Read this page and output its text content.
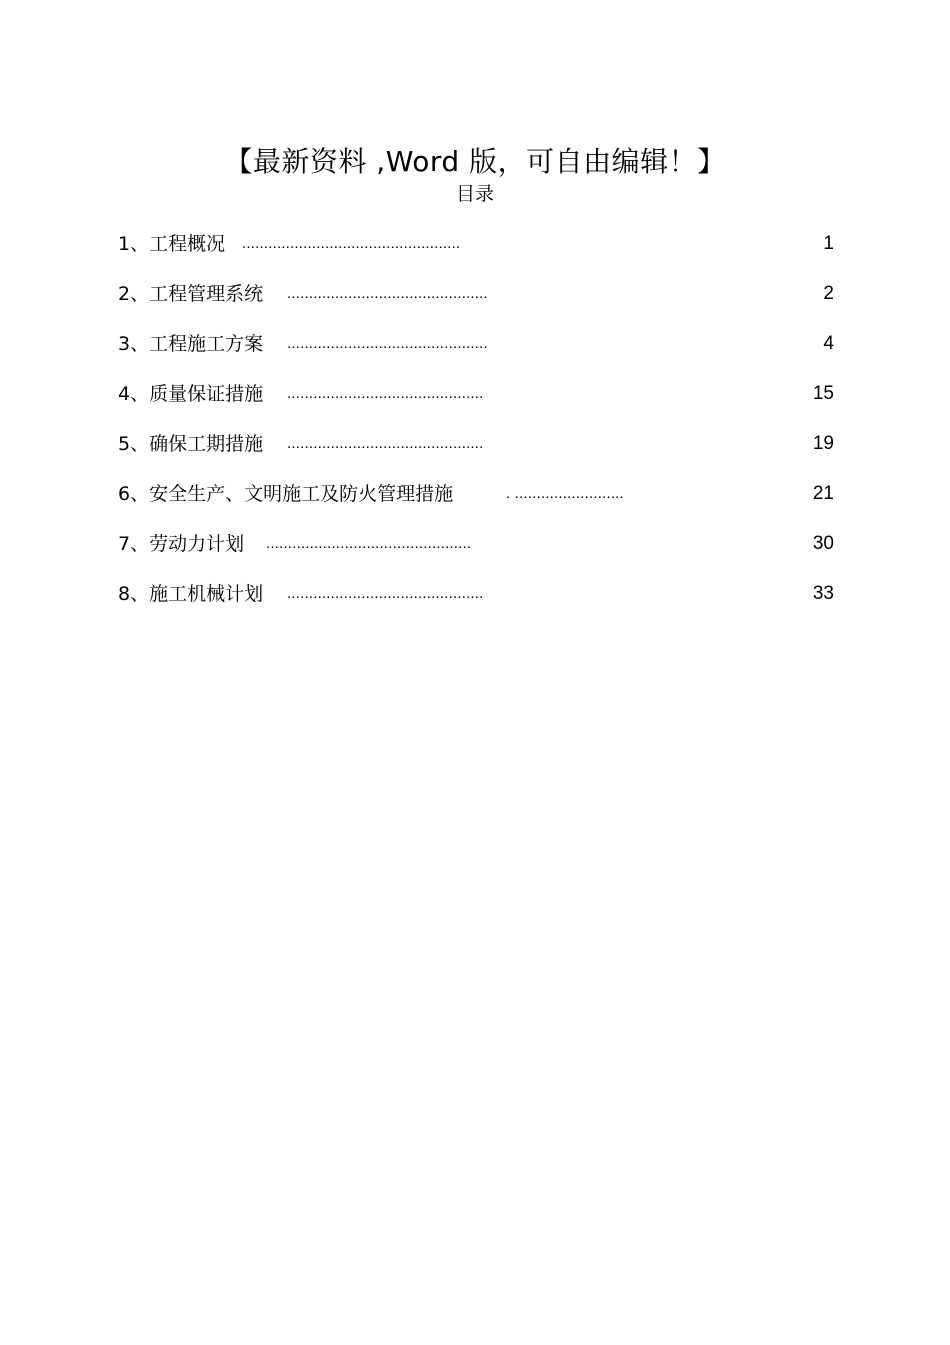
【最新资料 ,Word 版，可自由编辑！】
目录
1、工程概况 ..................................................	1
2、工程管理系统 ..............................................	2
3、工程施工方案 ..............................................	4
4、质量保证措施 .............................................	15
5、确保工期措施 .............................................	19
6、安全生产、文明施工及防火管理措施	. .........................	21
7、劳动力计划 ...............................................	30
8、施工机械计划 .............................................	33
